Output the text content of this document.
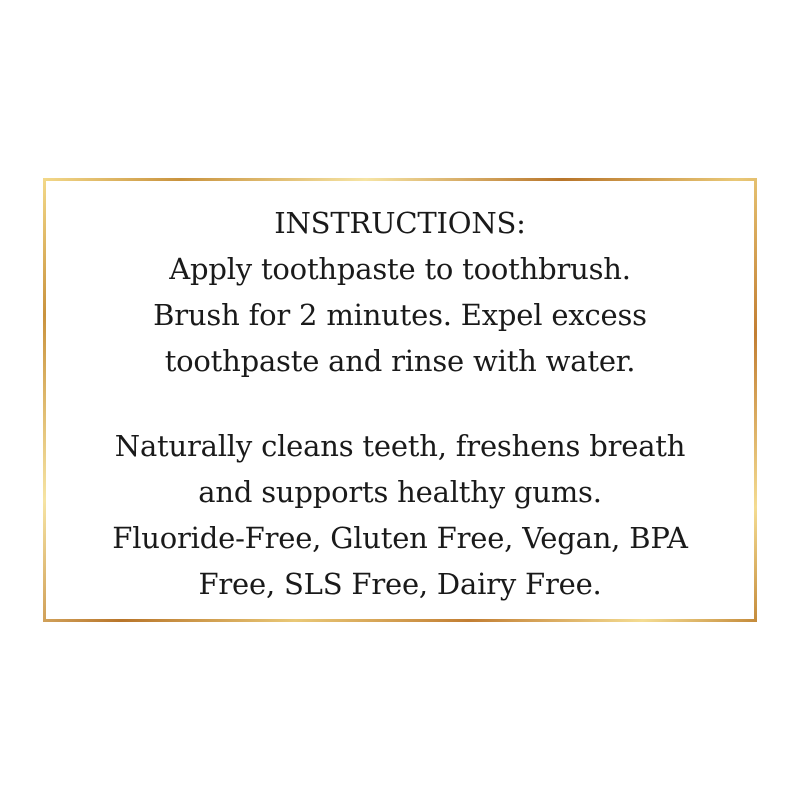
INSTRUCTIONS:
Apply toothpaste to toothbrush.
Brush for 2 minutes. Expel excess
toothpaste and rinse with water.
Naturally cleans teeth, freshens breath
and supports healthy gums.
Fluoride-Free, Gluten Free, Vegan, BPA
Free, SLS Free, Dairy Free.
